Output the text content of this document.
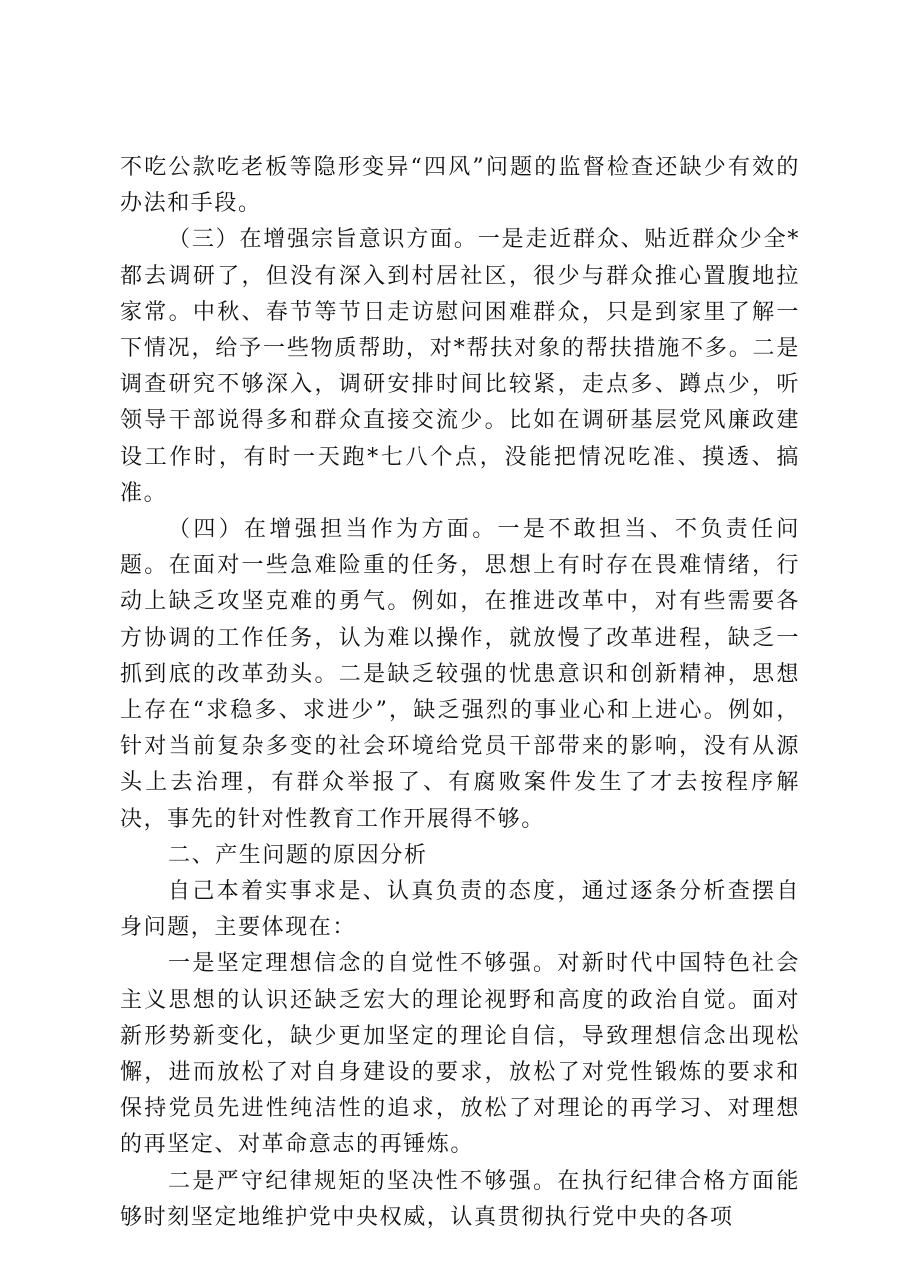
不吃公款吃老板等隐形变异“四风”问题的监督检查还缺少有效的办法和手段。

（三）在增强宗旨意识方面。一是走近群众、贴近群众少全*都去调研了，但没有深入到村居社区，很少与群众推心置腹地拉家常。中秋、春节等节日走访慰问困难群众，只是到家里了解一下情况，给予一些物质帮助，对*帮扶对象的帮扶措施不多。二是调查研究不够深入，调研安排时间比较紧，走点多、蹲点少，听领导干部说得多和群众直接交流少。比如在调研基层党风廉政建设工作时，有时一天跑*七八个点，没能把情况吃准、摸透、搞准。

（四）在增强担当作为方面。一是不敢担当、不负责任问题。在面对一些急难险重的任务，思想上有时存在畏难情绪，行动上缺乏攻坚克难的勇气。例如，在推进改革中，对有些需要各方协调的工作任务，认为难以操作，就放慢了改革进程，缺乏一抓到底的改革劲头。二是缺乏较强的忧患意识和创新精神，思想上存在“求稳多、求进少”，缺乏强烈的事业心和上进心。例如，针对当前复杂多变的社会环境给党员干部带来的影响，没有从源头上去治理，有群众举报了、有腐败案件发生了才去按程序解决，事先的针对性教育工作开展得不够。

二、产生问题的原因分析

自己本着实事求是、认真负责的态度，通过逐条分析查摆自身问题，主要体现在：

一是坚定理想信念的自觉性不够强。对新时代中国特色社会主义思想的认识还缺乏宏大的理论视野和高度的政治自觉。面对新形势新变化，缺少更加坚定的理论自信，导致理想信念出现松懈，进而放松了对自身建设的要求，放松了对党性锻炼的要求和保持党员先进性纯洁性的追求，放松了对理论的再学习、对理想的再坚定、对革命意志的再锤炼。

二是严守纪律规矩的坚决性不够强。在执行纪律合格方面能够时刻坚定地维护党中央权威，认真贯彻执行党中央的各项
